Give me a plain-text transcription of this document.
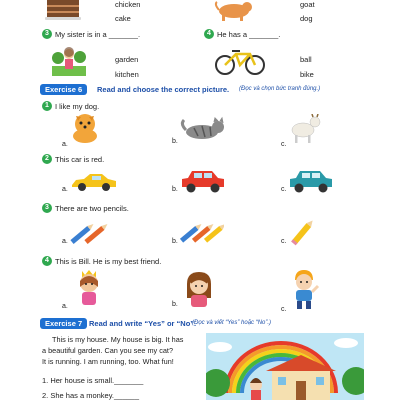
chicken
cake
goat
dog
3 My sister is in a _______.	4 He has a _______.
garden
kitchen
ball
bike
Exercise 6	Read and choose the correct picture. (Đọc và chọn bức tranh đúng.)
1 I like my dog.
a.	b.	c.
2 This car is red.
a.	b.	c.
3 There are two pencils.
a.	b.	c.
4 This is Bill. He is my best friend.
a.	b.
c.
Exercise 7 Read and write “Yes” or “No”.
(Đọc và viết “Yes” hoặc “No”.)
This is my house. My house is big. It has
a beautiful garden. Can you see my cat?
It is running. I am running, too. What fun!
1. Her house is small._______
2. She has a monkey.______
